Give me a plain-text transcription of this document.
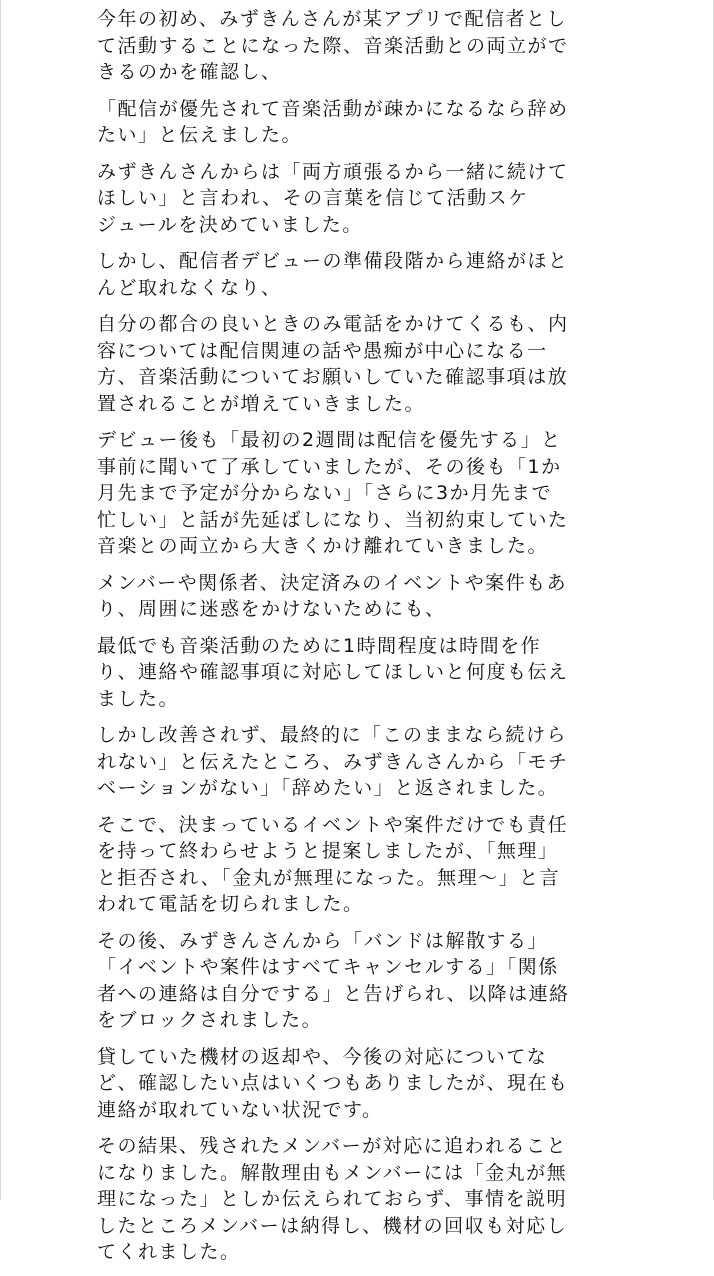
今年の初め、みずきんさんが某アプリで配信者とし
て活動することになった際、音楽活動との両立がで
きるのかを確認し、
「配信が優先されて音楽活動が疎かになるなら辞め
たい」と伝えました。
みずきんさんからは「両方頑張るから一緒に続けて
ほしい」と言われ、その言葉を信じて活動スケ
ジュールを決めていました。
しかし、配信者デビューの準備段階から連絡がほと
んど取れなくなり、
自分の都合の良いときのみ電話をかけてくるも、内
容については配信関連の話や愚痴が中心になる一
方、音楽活動についてお願いしていた確認事項は放
置されることが増えていきました。
デビュー後も「最初の2週間は配信を優先する」と
事前に聞いて了承していましたが、その後も「1か
月先まで予定が分からない」「さらに3か月先まで
忙しい」と話が先延ばしになり、当初約束していた
音楽との両立から大きくかけ離れていきました。
メンバーや関係者、決定済みのイベントや案件もあ
り、周囲に迷惑をかけないためにも、
最低でも音楽活動のために1時間程度は時間を作
り、連絡や確認事項に対応してほしいと何度も伝え
ました。
しかし改善されず、最終的に「このままなら続けら
れない」と伝えたところ、みずきんさんから「モチ
ベーションがない」「辞めたい」と返されました。
そこで、決まっているイベントや案件だけでも責任
を持って終わらせようと提案しましたが、「無理」
と拒否され、「金丸が無理になった。無理〜」と言
われて電話を切られました。
その後、みずきんさんから「バンドは解散する」
「イベントや案件はすべてキャンセルする」「関係
者への連絡は自分でする」と告げられ、以降は連絡
をブロックされました。
貸していた機材の返却や、今後の対応についてな
ど、確認したい点はいくつもありましたが、現在も
連絡が取れていない状況です。
その結果、残されたメンバーが対応に追われること
になりました。解散理由もメンバーには「金丸が無
理になった」としか伝えられておらず、事情を説明
したところメンバーは納得し、機材の回収も対応し
てくれました。
